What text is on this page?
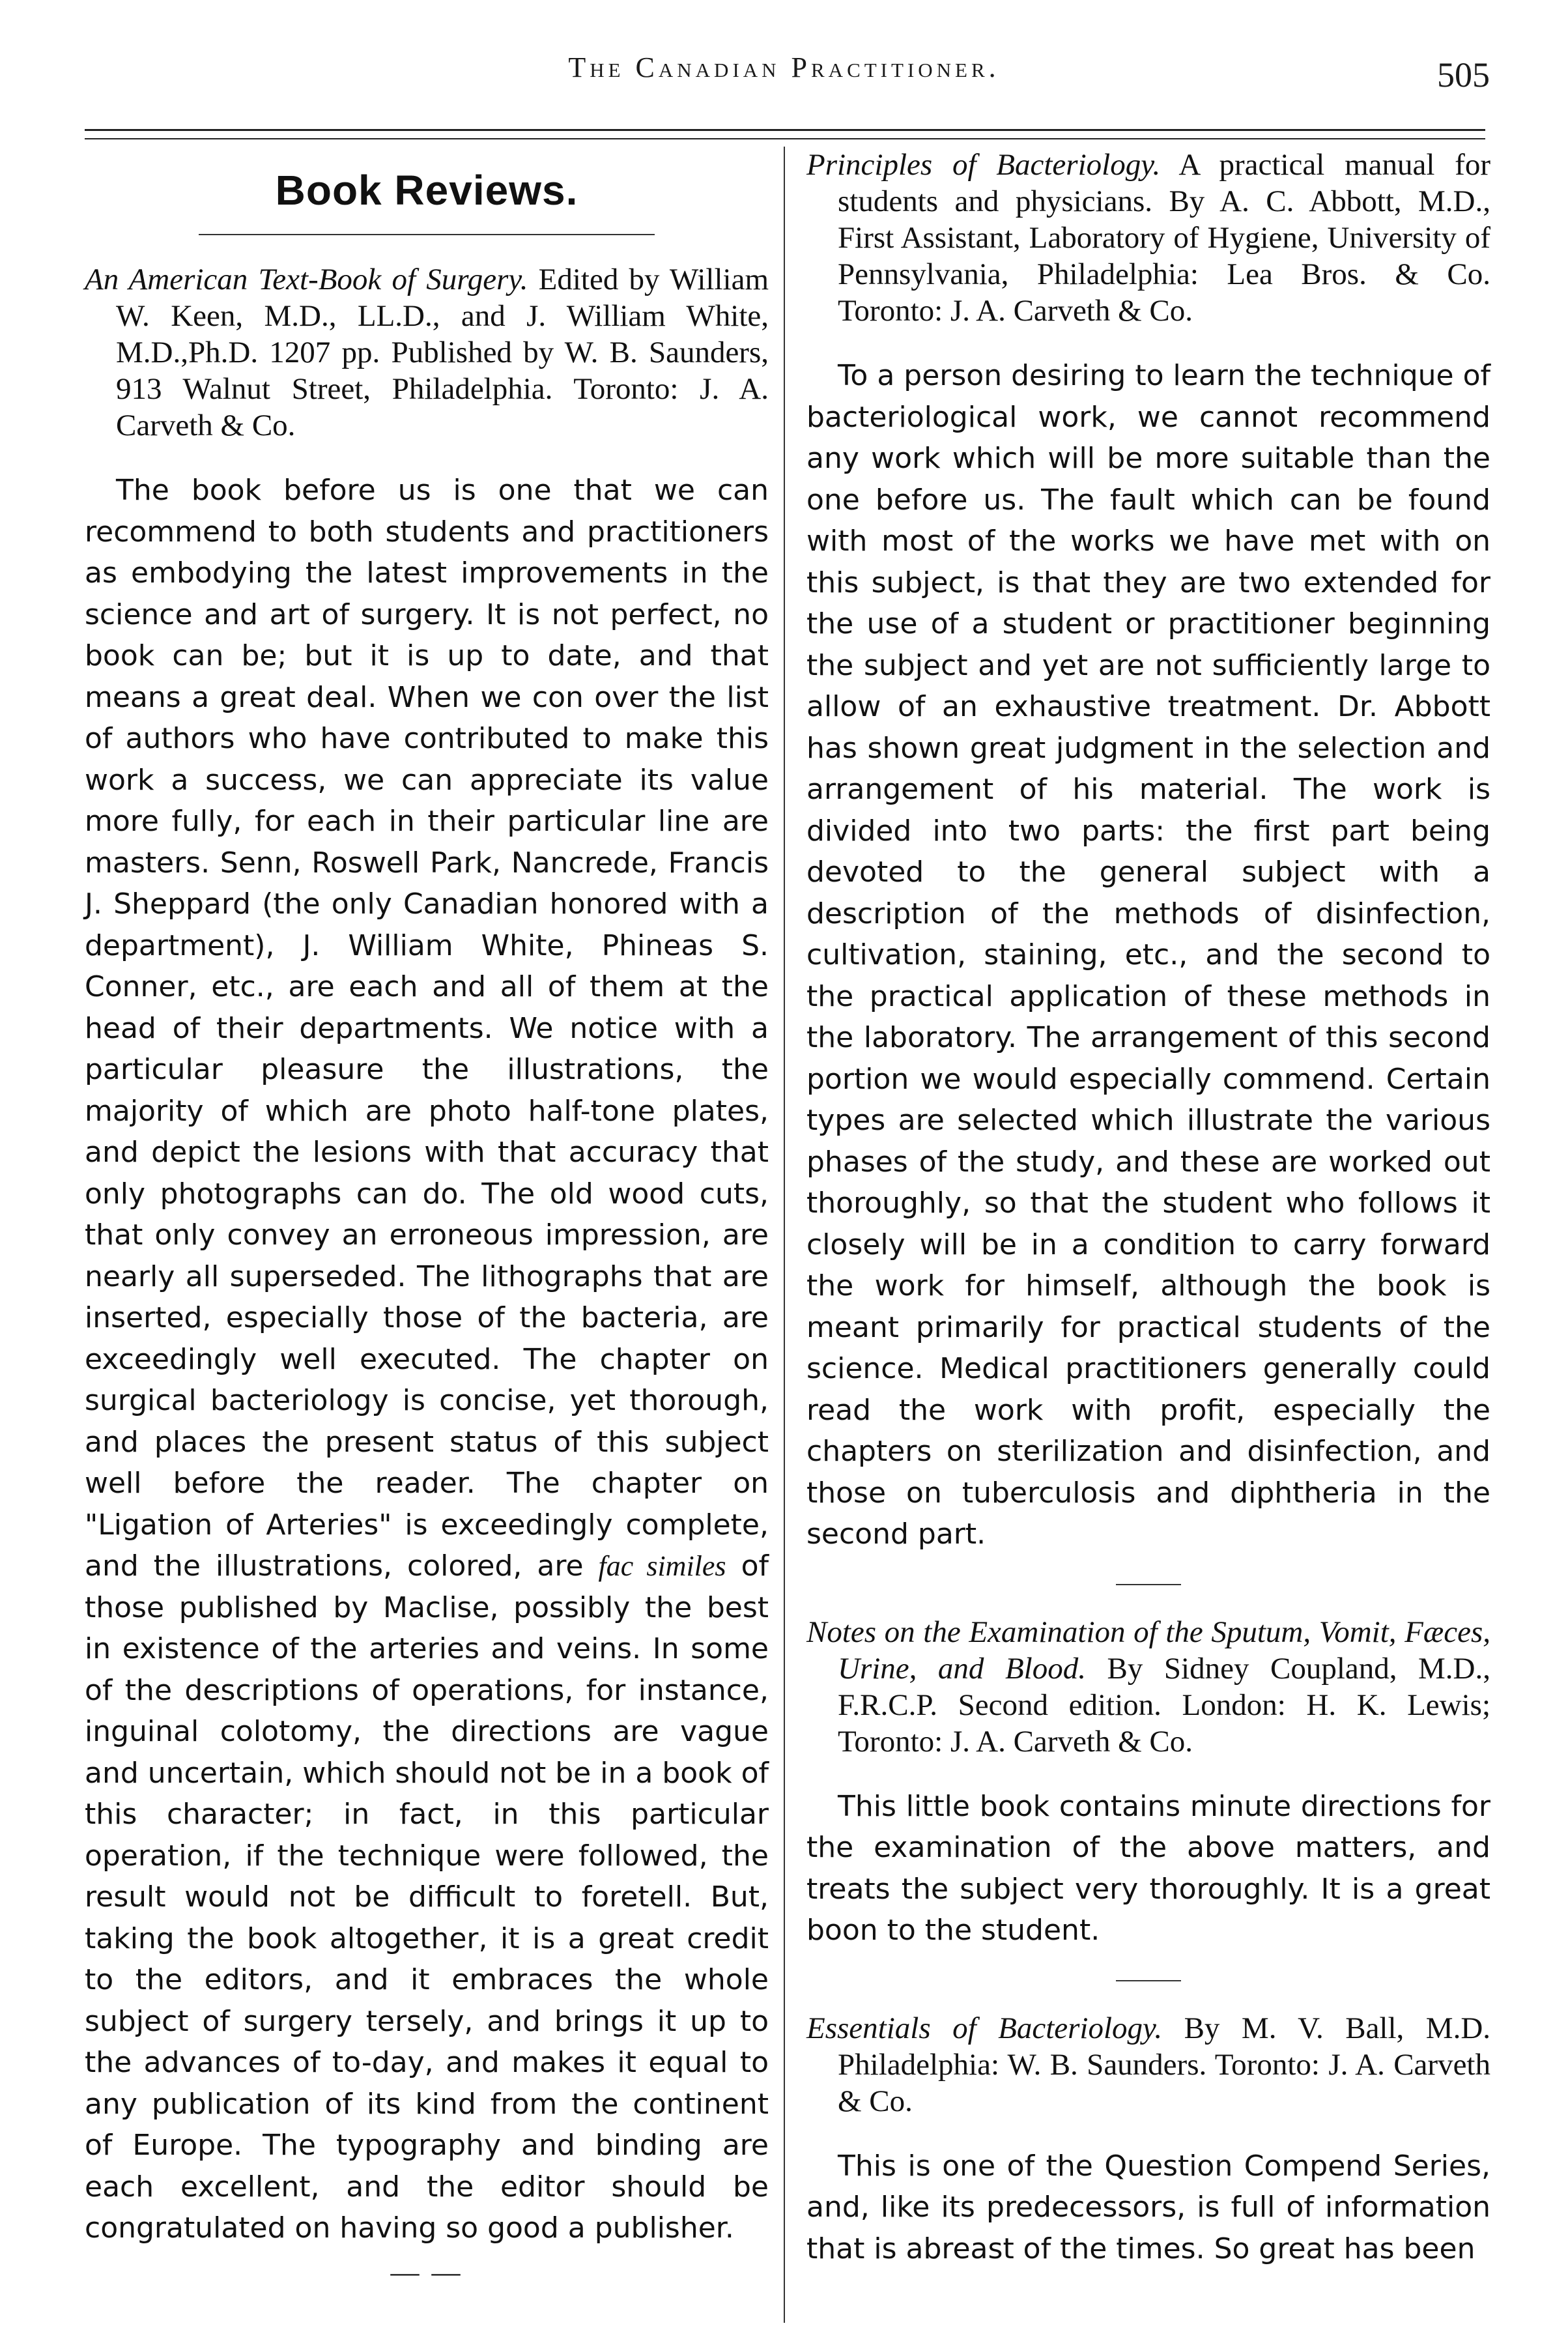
The Canadian Practitioner.	505
Book Reviews.

An American Text-Book of Surgery. Edited by William W. Keen, M.D., LL.D., and J. William White, M.D.,Ph.D. 1207 pp. Published by W. B. Saunders, 913 Walnut Street, Philadelphia. Toronto: J. A. Carveth & Co.

The book before us is one that we can recommend to both students and practitioners as embodying the latest improvements in the science and art of surgery. It is not perfect, no book can be; but it is up to date, and that means a great deal. When we con over the list of authors who have contributed to make this work a success, we can appreciate its value more fully, for each in their particular line are masters. Senn, Roswell Park, Nancrede, Francis J. Sheppard (the only Canadian honored with a department), J. William White, Phineas S. Conner, etc., are each and all of them at the head of their departments. We notice with a particular pleasure the illustrations, the majority of which are photo half-tone plates, and depict the lesions with that accuracy that only photographs can do. The old wood cuts, that only convey an erroneous impression, are nearly all superseded. The lithographs that are inserted, especially those of the bacteria, are exceedingly well executed. The chapter on surgical bacteriology is concise, yet thorough, and places the present status of this subject well before the reader. The chapter on "Ligation of Arteries" is exceedingly complete, and the illustrations, colored, are fac similes of those published by Maclise, possibly the best in existence of the arteries and veins. In some of the descriptions of operations, for instance, inguinal colotomy, the directions are vague and uncertain, which should not be in a book of this character; in fact, in this particular operation, if the technique were followed, the result would not be difficult to foretell. But, taking the book altogether, it is a great credit to the editors, and it embraces the whole subject of surgery tersely, and brings it up to the advances of to-day, and makes it equal to any publication of its kind from the continent of Europe. The typography and binding are each excellent, and the editor should be congratulated on having so good a publisher.

— —

Principles of Bacteriology. A practical manual for students and physicians. By A. C. Abbott, M.D., First Assistant, Laboratory of Hygiene, University of Pennsylvania, Philadelphia: Lea Bros. & Co. Toronto: J. A. Carveth & Co.

To a person desiring to learn the technique of bacteriological work, we cannot recommend any work which will be more suitable than the one before us. The fault which can be found with most of the works we have met with on this subject, is that they are two extended for the use of a student or practitioner beginning the subject and yet are not sufficiently large to allow of an exhaustive treatment. Dr. Abbott has shown great judgment in the selection and arrangement of his material. The work is divided into two parts: the first part being devoted to the general subject with a description of the methods of disinfection, cultivation, staining, etc., and the second to the practical application of these methods in the laboratory. The arrangement of this second portion we would especially commend. Certain types are selected which illustrate the various phases of the study, and these are worked out thoroughly, so that the student who follows it closely will be in a condition to carry forward the work for himself, although the book is meant primarily for practical students of the science. Medical practitioners generally could read the work with profit, especially the chapters on sterilization and disinfection, and those on tuberculosis and diphtheria in the second part.

Notes on the Examination of the Sputum, Vomit, Fæces, Urine, and Blood. By Sidney Coupland, M.D., F.R.C.P. Second edition. London: H. K. Lewis; Toronto: J. A. Carveth & Co.

This little book contains minute directions for the examination of the above matters, and treats the subject very thoroughly. It is a great boon to the student.

Essentials of Bacteriology. By M. V. Ball, M.D. Philadelphia: W. B. Saunders. Toronto: J. A. Carveth & Co.

This is one of the Question Compend Series, and, like its predecessors, is full of information that is abreast of the times. So great has been
